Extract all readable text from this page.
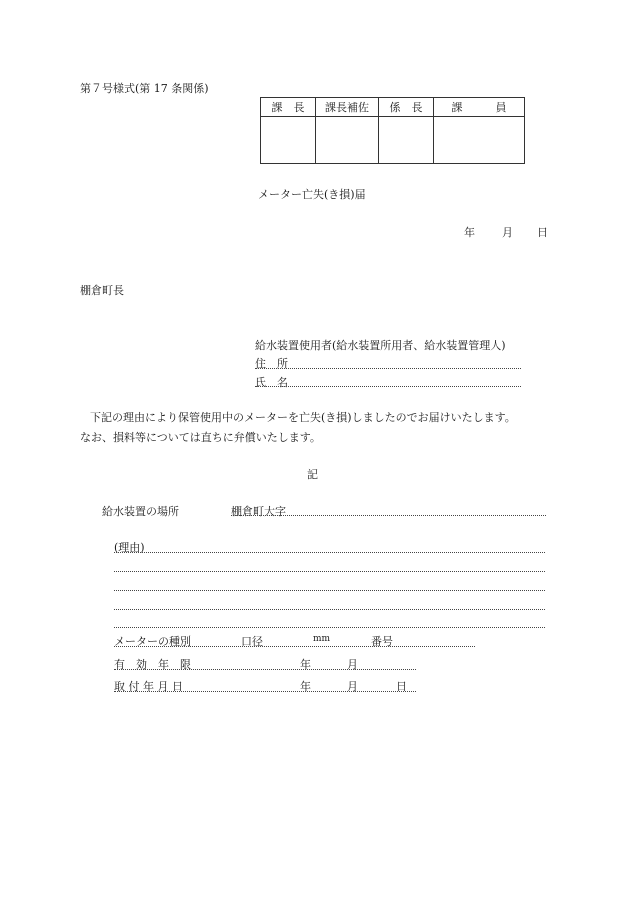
第７号様式(第 17 条関係)
課　長	課長補佐	係　長	課　　　員

メーター亡失(き損)届
年 月 日
棚倉町長
給水装置使用者(給水装置所用者、給水装置管理人)
住　所
氏　名
下記の理由により保管使用中のメーターを亡失(き損)しましたのでお届けいたします。
なお、損料等については直ちに弁償いたします。
記
給水装置の場所	棚倉町大字
(理由)
メーターの種別	口径	mm	番号
有　効　年　限	年	月
取 付 年 月 日	年	月	日
